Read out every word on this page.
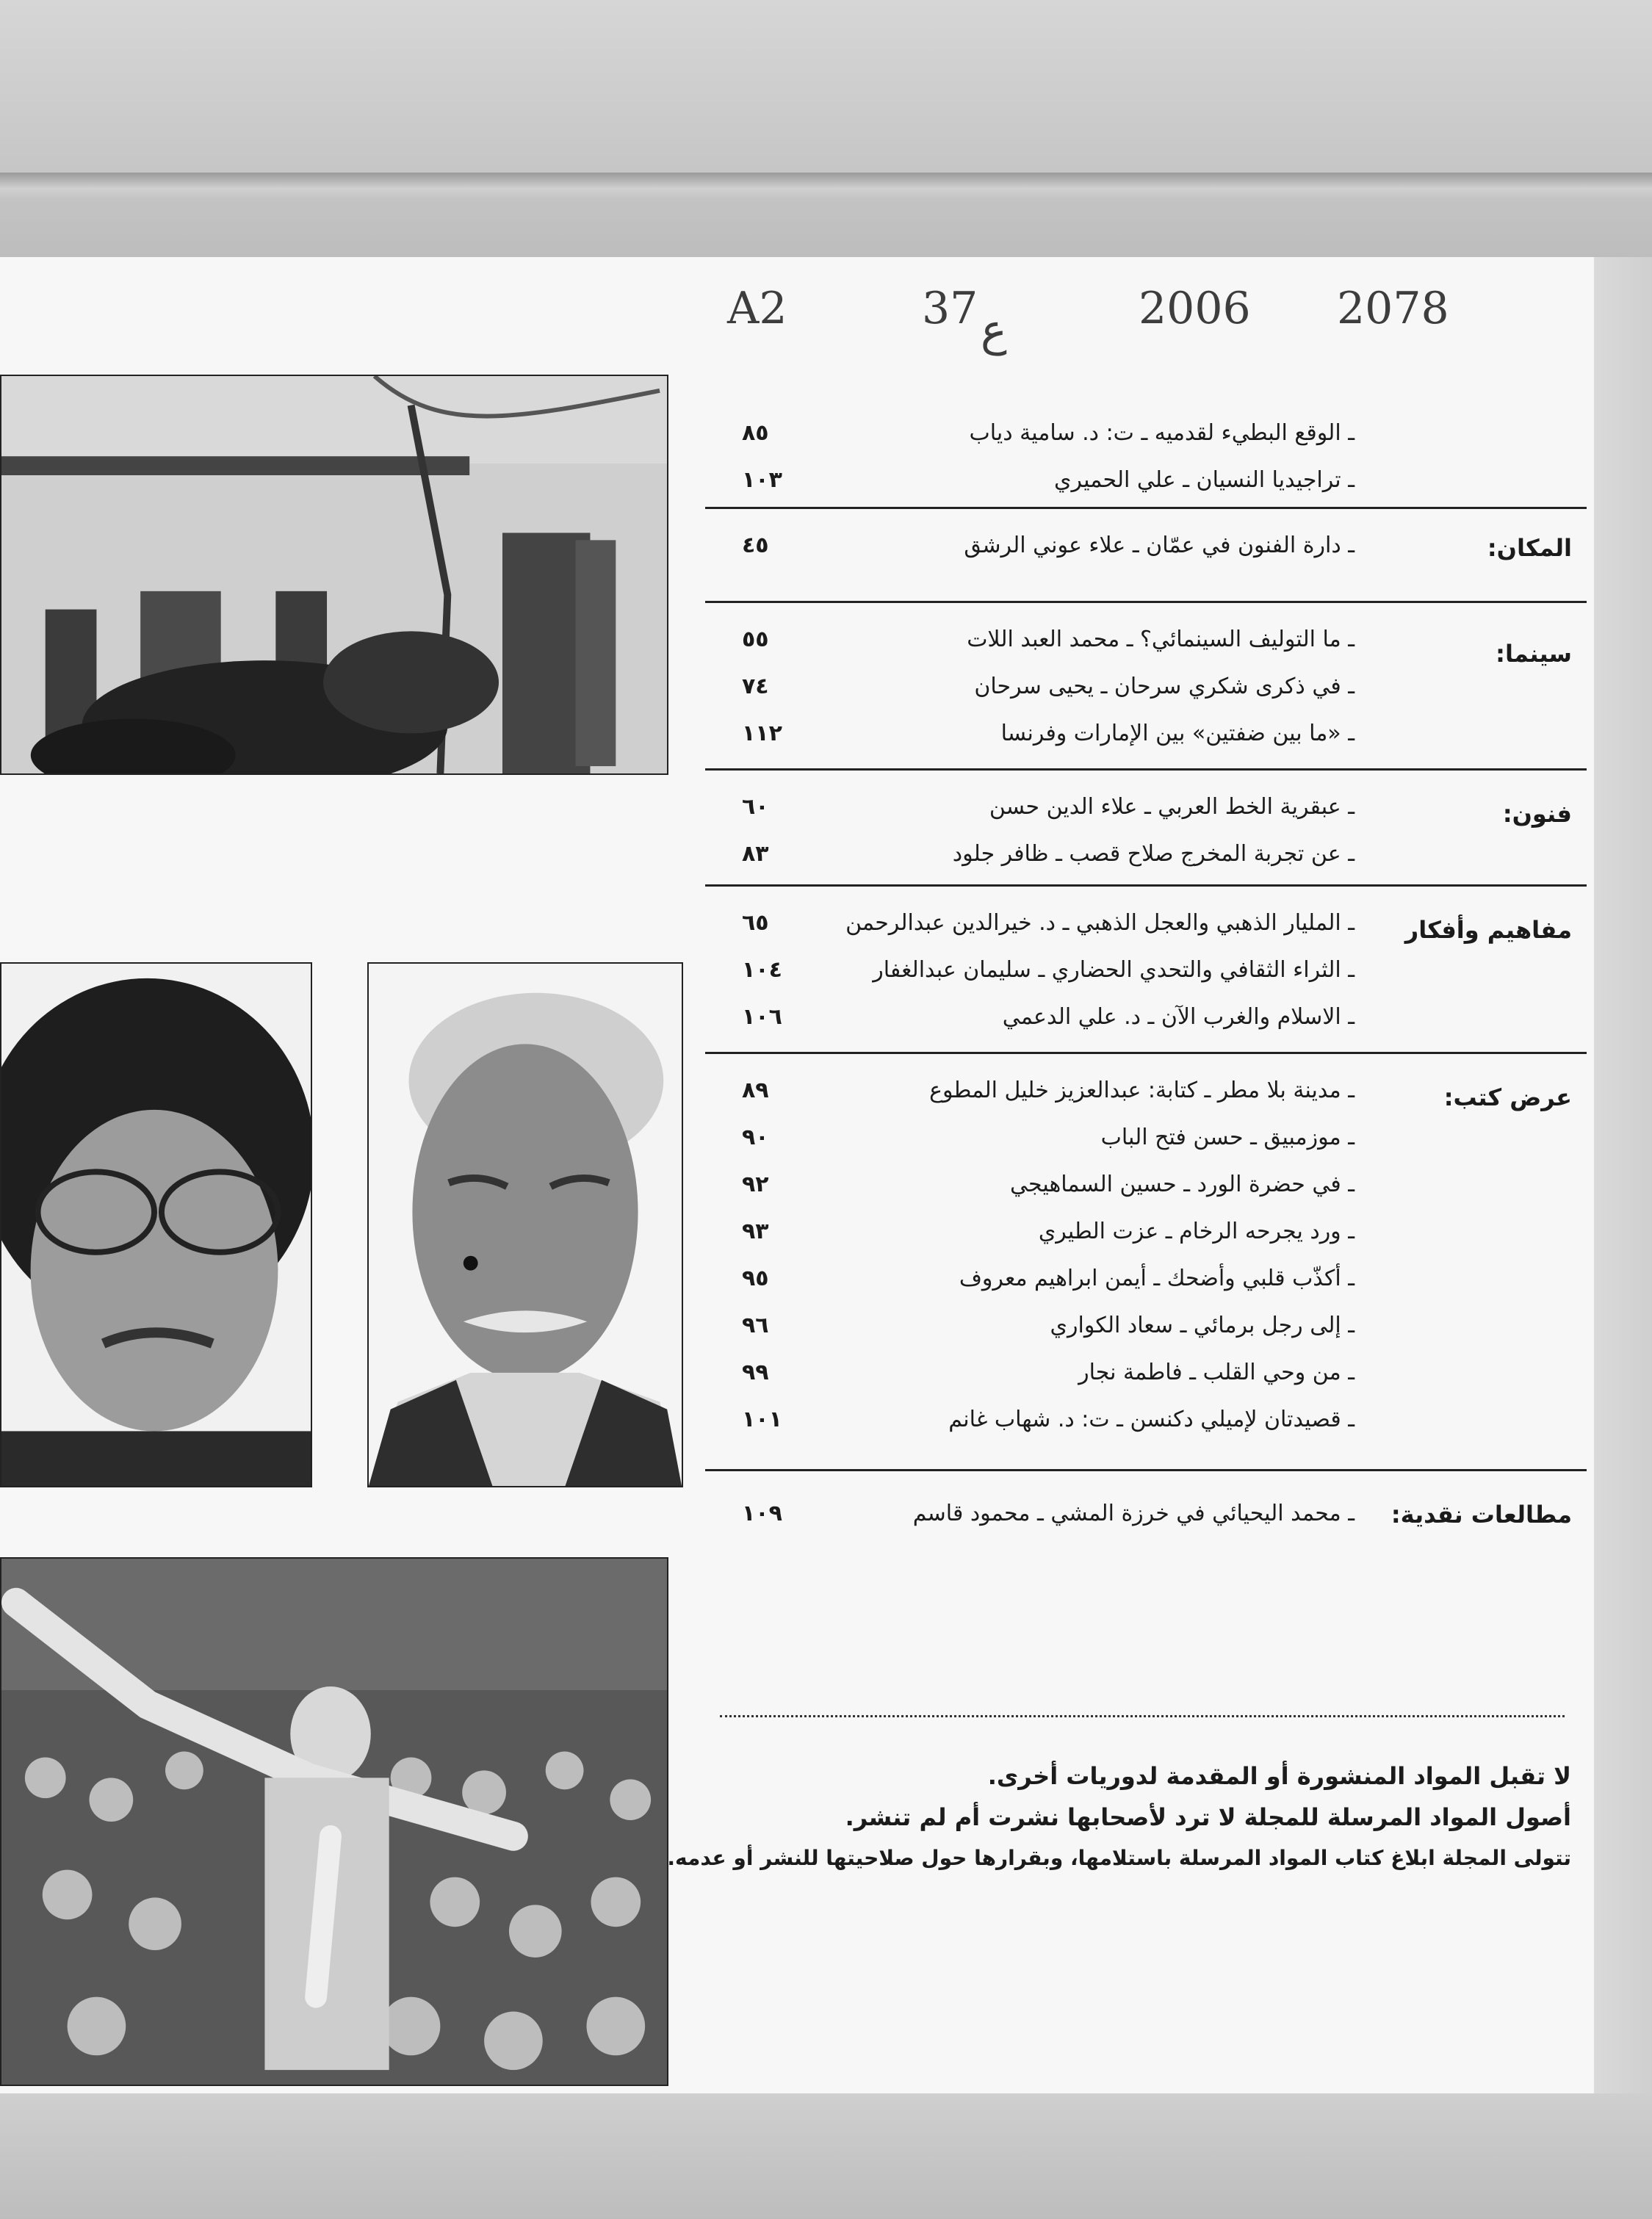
A2	37 ع	2006 2078
ـ الوقع البطيء لقدميه ـ ت: د. سامية دياب
٨٥
ـ تراجيديا النسيان ـ علي الحميري
١٠٣
المكان:
ـ دارة الفنون في عمّان ـ علاء عوني الرشق
٤٥
سينما:
ـ ما التوليف السينمائي؟ ـ محمد العبد اللات
٥٥
ـ في ذكرى شكري سرحان ـ يحيى سرحان
٧٤
ـ «ما بين ضفتين» بين الإمارات وفرنسا
١١٢
فنون:
ـ عبقرية الخط العربي ـ علاء الدين حسن
٦٠
ـ عن تجربة المخرج صلاح قصب ـ ظافر جلود
٨٣
مفاهيم وأفكار
ـ المليار الذهبي والعجل الذهبي ـ د. خيرالدين عبدالرحمن
٦٥
ـ الثراء الثقافي والتحدي الحضاري ـ سليمان عبدالغفار
١٠٤
ـ الاسلام والغرب الآن ـ د. علي الدعمي
١٠٦
عرض كتب:
ـ مدينة بلا مطر ـ كتابة: عبدالعزيز خليل المطوع
٨٩
ـ موزمبيق ـ حسن فتح الباب
٩٠
ـ في حضرة الورد ـ حسين السماهيجي
٩٢
ـ ورد يجرحه الرخام ـ عزت الطيري
٩٣
ـ أكذّب قلبي وأضحك ـ أيمن ابراهيم معروف
٩٥
ـ إلى رجل برمائي ـ سعاد الكواري
٩٦
ـ من وحي القلب ـ فاطمة نجار
٩٩
ـ قصيدتان لإميلي دكنسن ـ ت: د. شهاب غانم
١٠١
مطالعات نقدية:
ـ محمد اليحيائي في خرزة المشي ـ محمود قاسم
١٠٩
لا تقبل المواد المنشورة أو المقدمة لدوريات أخرى.
أصول المواد المرسلة للمجلة لا ترد لأصحابها نشرت أم لم تنشر.
تتولى المجلة ابلاغ كتاب المواد المرسلة باستلامها، وبقرارها حول صلاحيتها للنشر أو عدمه.
